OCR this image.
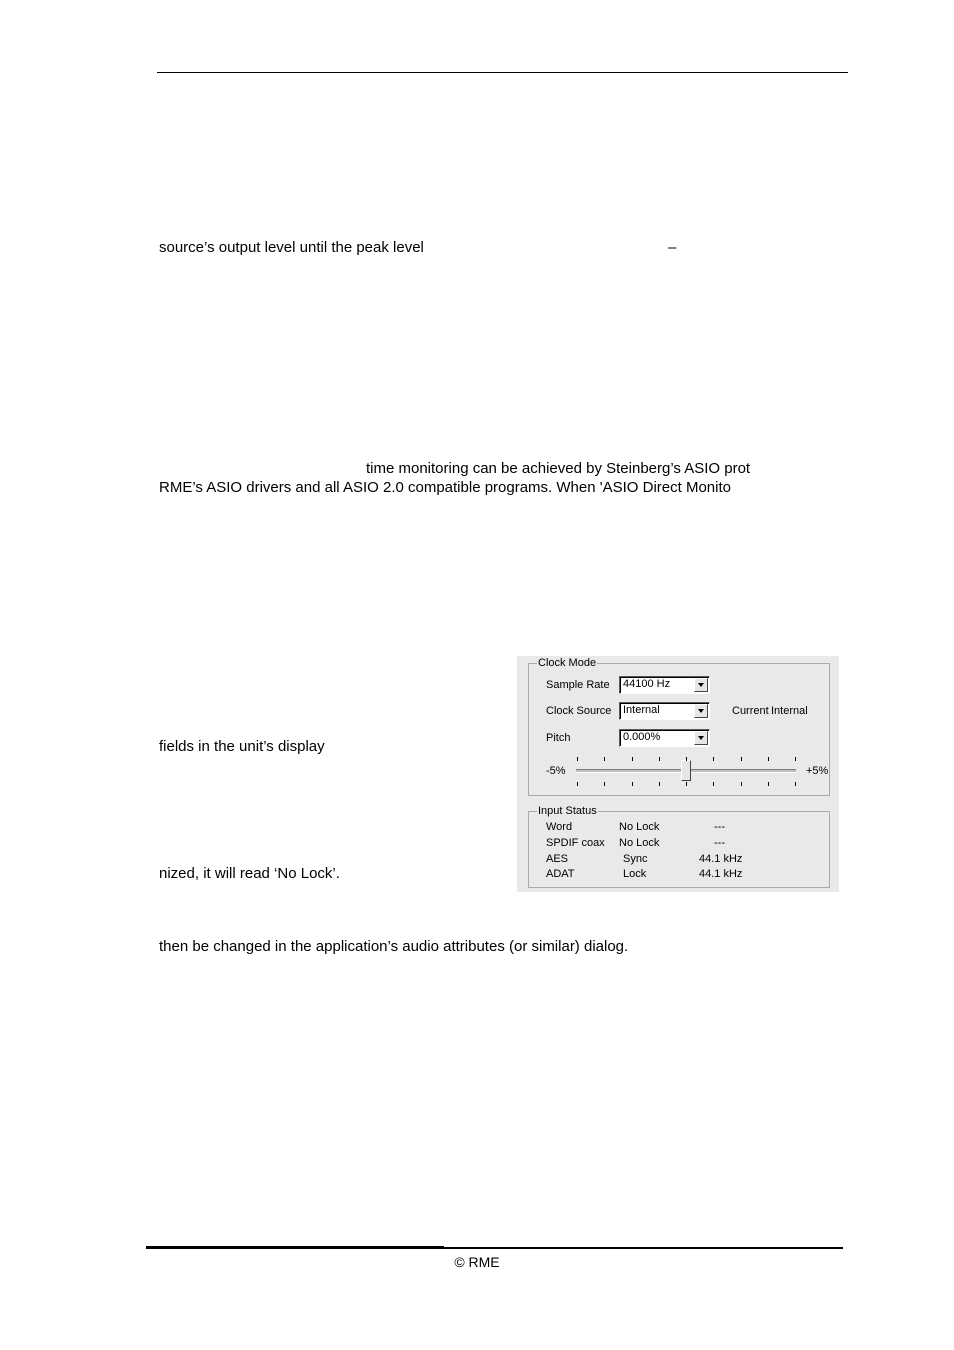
source’s output level until the peak level	–
time monitoring can be achieved by Steinberg’s ASIO prot
RME’s ASIO drivers and all ASIO 2.0 compatible programs. When 'ASIO Direct Monito
fields in the unit’s display
nized, it will read ‘No Lock’.
then be changed in the application’s audio attributes (or similar) dialog.
Clock Mode
Sample Rate 44100 Hz
Clock Source Internal	Current Internal
Pitch	0.000%
-5%	+5%
Input Status
Word	No Lock	---
SPDIF coax No Lock	---
AES	Sync	44.1 kHz
ADAT	Lock	44.1 kHz
© RME
